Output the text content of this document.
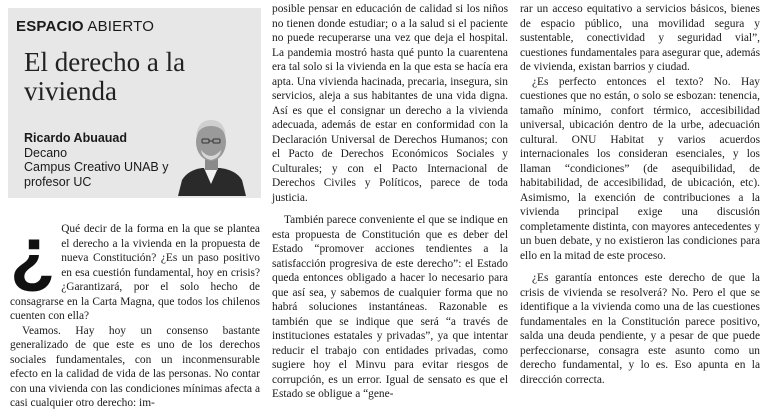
ESPACIO ABIERTO
El derecho a la vivienda
Ricardo Abuauad
Decano
Campus Creativo UNAB y profesor UC
¿ Qué decir de la forma en la que se plantea el derecho a la vivienda en la propuesta de nueva Constitución? ¿Es un paso positivo en esa cuestión fundamental, hoy en crisis? ¿Garantizará, por el solo hecho de consagrarse en la Carta Magna, que todos los chilenos cuenten con ella?

Veamos. Hay hoy un consenso bastante generalizado de que este es uno de los derechos sociales fundamentales, con un inconmensurable efecto en la calidad de vida de las personas. No contar con una vivienda con las condiciones mínimas afecta a casi cualquier otro derecho: im-

posible pensar en educación de calidad si los niños no tienen donde estudiar; o a la salud si el paciente no puede recuperarse una vez que deja el hospital. La pandemia mostró hasta qué punto la cuarentena era tal solo si la vivienda en la que esta se hacía era apta. Una vivienda hacinada, precaria, insegura, sin servicios, aleja a sus habitantes de una vida digna. Así es que el consignar un derecho a la vivienda adecuada, además de estar en conformidad con la Declaración Universal de Derechos Humanos; con el Pacto de Derechos Económicos Sociales y Culturales; y con el Pacto Internacional de Derechos Civiles y Políticos, parece de toda justicia.

También parece conveniente el que se indique en esta propuesta de Constitución que es deber del Estado “promover acciones tendientes a la satisfacción progresiva de este derecho”: el Estado queda entonces obligado a hacer lo necesario para que así sea, y sabemos de cualquier forma que no habrá soluciones instantáneas. Razonable es también que se indique que será “a través de instituciones estatales y privadas”, ya que intentar reducir el trabajo con entidades privadas, como sugiere hoy el Minvu para evitar riesgos de corrupción, es un error. Igual de sensato es que el Estado se obligue a “gene-

rar un acceso equitativo a servicios básicos, bienes de espacio público, una movilidad segura y sustentable, conectividad y seguridad vial”, cuestiones fundamentales para asegurar que, además de vivienda, existan barrios y ciudad.

¿Es perfecto entonces el texto? No. Hay cuestiones que no están, o solo se esbozan: tenencia, tamaño mínimo, confort térmico, accesibilidad universal, ubicación dentro de la urbe, adecuación cultural. ONU Habitat y varios acuerdos internacionales los consideran esenciales, y los llaman “condiciones” (de asequibilidad, de habitabilidad, de accesibilidad, de ubicación, etc). Asimismo, la exención de contribuciones a la vivienda principal exige una discusión completamente distinta, con mayores antecedentes y un buen debate, y no existieron las condiciones para ello en la mitad de este proceso.

¿Es garantía entonces este derecho de que la crisis de vivienda se resolverá? No. Pero el que se identifique a la vivienda como una de las cuestiones fundamentales en la Constitución parece positivo, salda una deuda pendiente, y a pesar de que puede perfeccionarse, consagra este asunto como un derecho fundamental, y lo es. Eso apunta en la dirección correcta.
